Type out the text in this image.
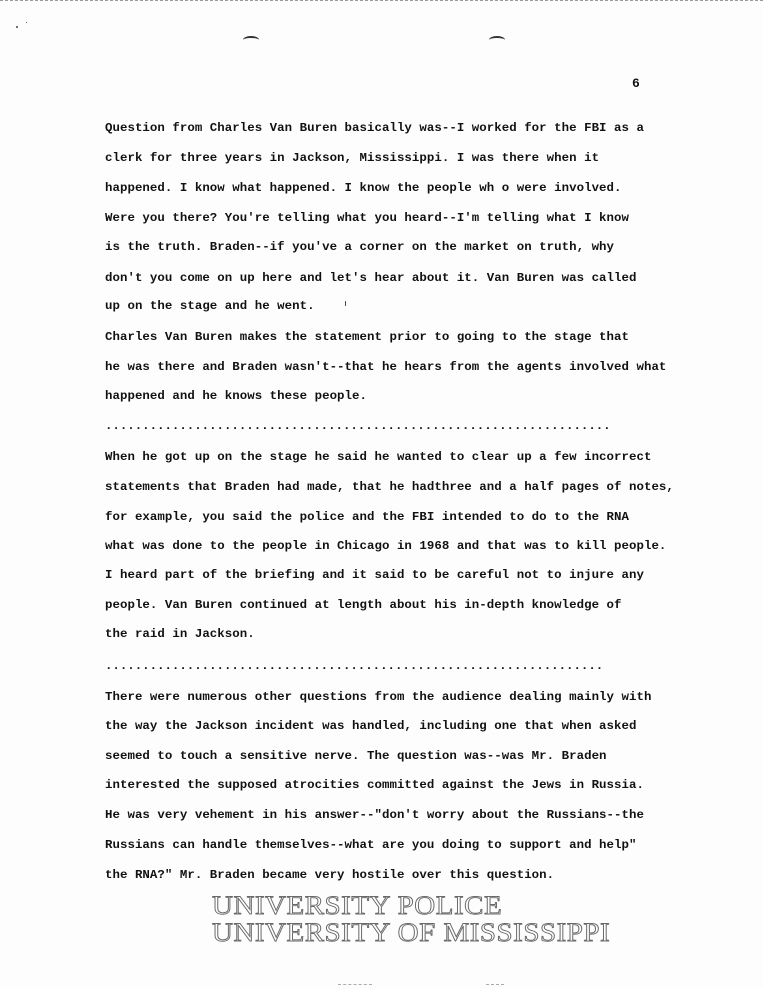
6
Question from Charles Van Buren basically was--I worked for the FBI as a
clerk for three years in Jackson, Mississippi. I was there when it
happened. I know what happened. I know the people wh o were involved.
Were you there? You're telling what you heard--I'm telling what I know
is the truth. Braden--if you've a corner on the market on truth, why
don't you come on up here and let's hear about it. Van Buren was called
up on the stage and he went.
Charles Van Buren makes the statement prior to going to the stage that
he was there and Braden wasn't--that he hears from the agents involved what
happened and he knows these people.
....................................................................
When he got up on the stage he said he wanted to clear up a few incorrect
statements that Braden had made, that he hadthree and a half pages of notes,
for example, you said the police and the FBI intended to do to the RNA
what was done to the people in Chicago in 1968 and that was to kill people.
I heard part of the briefing and it said to be careful not to injure any
people. Van Buren continued at length about his in-depth knowledge of
the raid in Jackson.
...................................................................
There were numerous other questions from the audience dealing mainly with
the way the Jackson incident was handled, including one that when asked
seemed to touch a sensitive nerve. The question was--was Mr. Braden
interested the supposed atrocities committed against the Jews in Russia.
He was very vehement in his answer--"don't worry about the Russians--the
Russians can handle themselves--what are you doing to support and help"
the RNA?" Mr. Braden became very hostile over this question.
UNIVERSITY POLICE
UNIVERSITY OF MISSISSIPPI
